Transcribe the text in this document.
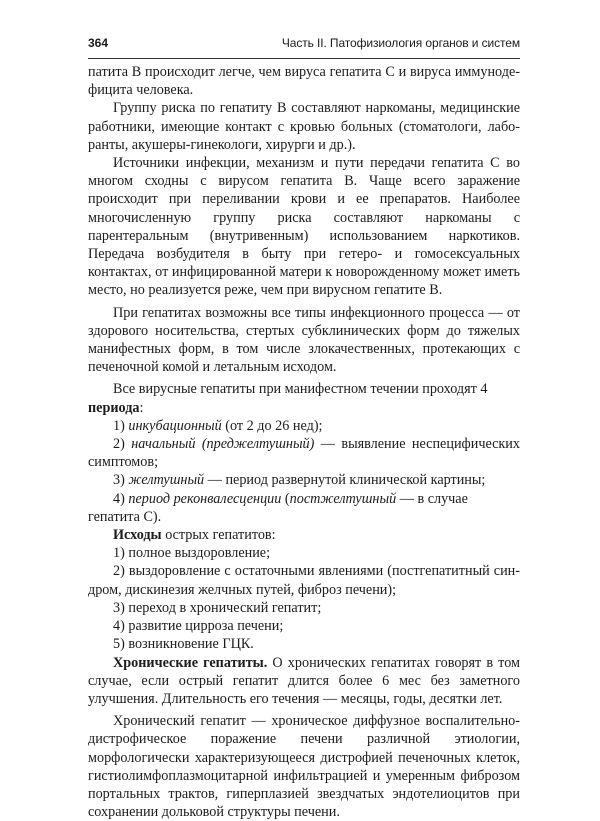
364	Часть II. Патофизиология органов и систем

патита B происходит легче, чем вируса гепатита C и вируса иммунодефицита человека.

Группу риска по гепатиту B составляют наркоманы, медицинские работники, имеющие контакт с кровью больных (стоматологи, лаборанты, акушеры-гинекологи, хирурги и др.).

Источники инфекции, механизм и пути передачи гепатита C во многом сходны с вирусом гепатита B. Чаще всего заражение происходит при переливании крови и ее препаратов. Наиболее многочисленную группу риска составляют наркоманы с парентеральным (внутривенным) использованием наркотиков. Передача возбудителя в быту при гетеро- и гомосексуальных контактах, от инфицированной матери к новорожденному может иметь место, но реализуется реже, чем при вирусном гепатите B.

При гепатитах возможны все типы инфекционного процесса — от здорового носительства, стертых субклинических форм до тяжелых манифестных форм, в том числе злокачественных, протекающих с печеночной комой и летальным исходом.

Все вирусные гепатиты при манифестном течении проходят 4 периода:

1) инкубационный (от 2 до 26 нед);

2) начальный (преджелтушный) — выявление неспецифических симптомов;

3) желтушный — период развернутой клинической картины;

4) период реконвалесценции (постжелтушный — в случае гепатита C).

Исходы острых гепатитов:

1) полное выздоровление;

2) выздоровление с остаточными явлениями (постгепатитный синдром, дискинезия желчных путей, фиброз печени);

3) переход в хронический гепатит;

4) развитие цирроза печени;

5) возникновение ГЦК.

Хронические гепатиты. О хронических гепатитах говорят в том случае, если острый гепатит длится более 6 мес без заметного улучшения. Длительность его течения — месяцы, годы, десятки лет.

Хронический гепатит — хроническое диффузное воспалительно-дистрофическое поражение печени различной этиологии, морфологически характеризующееся дистрофией печеночных клеток, гистиолимфоплазмоцитарной инфильтрацией и умеренным фиброзом портальных трактов, гиперплазией звездчатых эндотелиоцитов при сохранении дольковой структуры печени.
